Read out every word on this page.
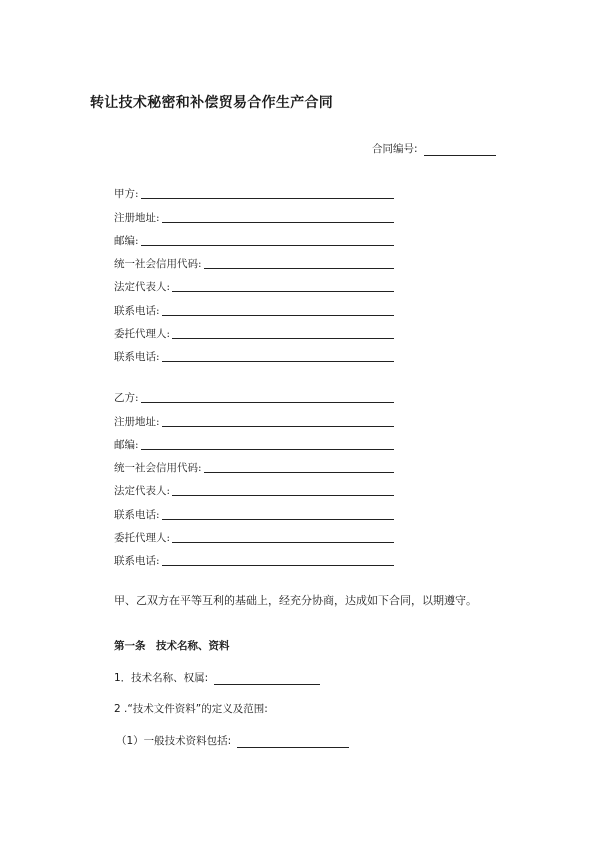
转让技术秘密和补偿贸易合作生产合同
合同编号:
甲方:
注册地址:
邮编:
统一社会信用代码:
法定代表人:
联系电话:
委托代理人:
联系电话:
乙方:
注册地址:
邮编:
统一社会信用代码:
法定代表人:
联系电话:
委托代理人:
联系电话:
甲、乙双方在平等互利的基础上，经充分协商，达成如下合同，以期遵守。
第一条　技术名称、资料
1．技术名称、权属:
2 .“技术文件资料”的定义及范围:
（1）一般技术资料包括:
